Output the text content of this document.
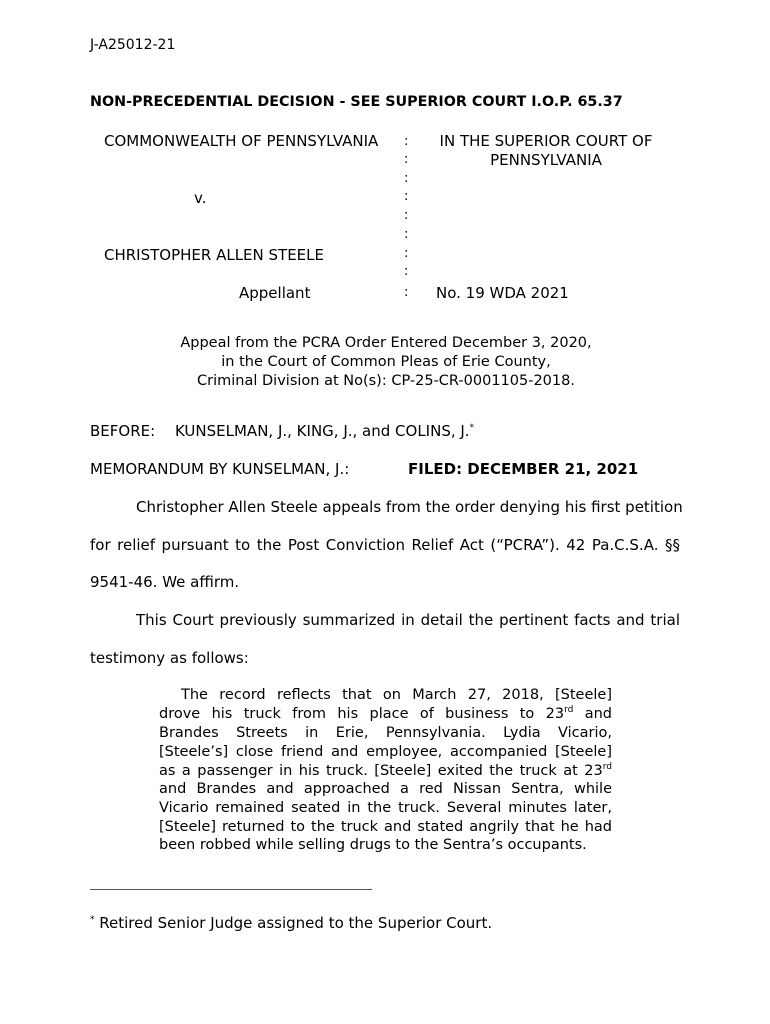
J-A25012-21
NON-PRECEDENTIAL DECISION - SEE SUPERIOR COURT I.O.P. 65.37
COMMONWEALTH OF PENNSYLVANIA
v.
CHRISTOPHER ALLEN STEELE
Appellant
:
:
:
:
:
:
:
:
:
IN THE SUPERIOR COURT OF
PENNSYLVANIA
No. 19 WDA 2021
Appeal from the PCRA Order Entered December 3, 2020,
in the Court of Common Pleas of Erie County,
Criminal Division at No(s): CP-25-CR-0001105-2018.
BEFORE: KUNSELMAN, J., KING, J., and COLINS, J.*
MEMORANDUM BY KUNSELMAN, J.:	FILED: DECEMBER 21, 2021
Christopher Allen Steele appeals from the order denying his first petition
for relief pursuant to the Post Conviction Relief Act (“PCRA”). 42 Pa.C.S.A. §§
9541-46. We affirm.
This Court previously summarized in detail the pertinent facts and trial
testimony as follows:
The record reflects that on March 27, 2018, [Steele]
drove his truck from his place of business to 23rd and
Brandes Streets in Erie, Pennsylvania. Lydia Vicario,
[Steele’s] close friend and employee, accompanied [Steele]
as a passenger in his truck. [Steele] exited the truck at 23rd
and Brandes and approached a red Nissan Sentra, while
Vicario remained seated in the truck. Several minutes later,
[Steele] returned to the truck and stated angrily that he had
been robbed while selling drugs to the Sentra’s occupants.
* Retired Senior Judge assigned to the Superior Court.
